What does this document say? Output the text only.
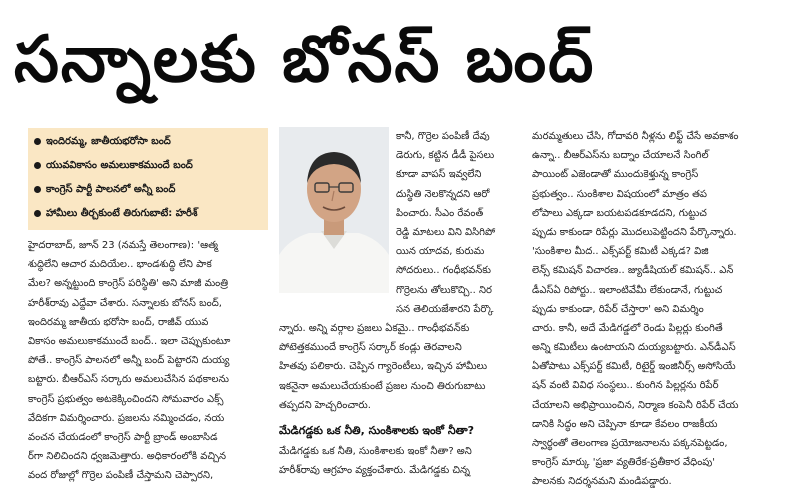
సన్నాలకు బోనస్ బంద్
ఇందిరమ్మ, జాతీయభరోసా బంద్
యువవికాసం అమలుకాకముందే బంద్
కాంగ్రెస్ పార్టీ పాలనలో అన్నీ బంద్
హామీలు తీర్చకుంటే తిరుగుబాటే: హరీశ్
హైదరాబాద్, జూన్ 23 (నమస్తే తెలంగాణ): 'ఆత్మ
శుద్ధిలేని ఆచార మదియేల.. భాండశుద్ధి లేని పాక
మేల? అన్నట్టుంది కాంగ్రెస్ పరిస్థితి' అని మాజీ మంత్రి
హరీశ్‌రావు ఎద్దేవా చేశారు. సన్నాలకు బోనస్ బంద్,
ఇందిరమ్మ జాతీయ భరోసా బంద్, రాజీవ్ యువ
వికాసం అమలుకాకముందే బంద్.. ఇలా చెప్పుకుంటూ
పోతే.. కాంగ్రెస్ పాలనలో అన్నీ బంద్ పెట్టారని దుయ్య
బట్టారు. బీఆర్‌ఎస్ సర్కారు అమలుచేసిన పథకాలను
కాంగ్రెస్ ప్రభుత్వం అటకెక్కించిందని సోమవారం ఎక్స్
వేదికగా విమర్శించారు. ప్రజలను నమ్మించడం, నయ
వంచన చేయడంలో కాంగ్రెస్ పార్టీ బ్రాండ్ అంబాసిడ
ర్‌గా నిలిచిందని ధ్వజమెత్తారు. అధికారంలోకి వచ్చిన
వంద రోజుల్లో గొర్రెల పంపిణీ చేస్తామని చెప్పారని,
కానీ, గొర్రెల పంపిణీ దేవు
డెరుగు, కట్టిన డీడీ పైసలు
కూడా వాపస్ ఇవ్వలేని
దుస్థితి నెలకొన్నదని ఆరో
పించారు. సీఎం రేవంత్
రెడ్డి మాటలు విని విసిగిపో
యిన యాదవ, కురుమ
సోదరులు.. గంధీభవన్‌కు
గొర్రెలను తోలుకొచ్చి.. నిర
సన తెలియజేశారని పేర్కొ
న్నారు. అన్ని వర్గాల ప్రజలు ఏకమై.. గాంధీభవన్‌కు
పోటెత్తకముందే కాంగ్రెస్ సర్కార్ కండ్లు తెరవాలని
హితవు పలికారు. చెప్పిన గ్యారెంటీలు, ఇచ్చిన హామీలు
ఇకనైనా అమలుచేయకుంటే ప్రజల నుంచి తిరుగుబాటు
తప్పదని హెచ్చరించారు.
మేడిగడ్డకు ఒక నీతి, సుంకిశాలకు ఇంకో నీతా?
మేడిగడ్డకు ఒక నీతి, సుంకిశాలకు ఇంకో నీతా? అని
హరీశ్‌రావు ఆగ్రహం వ్యక్తంచేశారు. మేడిగడ్డకు చిన్న
మరమ్మతులు చేసి, గోదావరి నీళ్లను లిఫ్ట్ చేసే అవకాశం
ఉన్నా.. బీఆర్‌ఎస్‌ను బద్నాం చేయాలనే సింగిల్
పాయింట్ ఎజెండాతో ముందుకెళ్తున్న కాంగ్రెస్
ప్రభుత్వం.. సుంకిశాల విషయంలో మాత్రం తప
లోపాలు ఎక్కడా బయటపడకూడదని, గుట్టుచ
ప్పుడు కాకుండా రిపేర్లు మొదలుపెట్టిందని పేర్కొన్నారు.
'సుంకిశాల మీద.. ఎక్స్‌పర్ట్ కమిటీ ఎక్కడ? విజి
లెన్స్ కమిషన్ విచారణ.. జ్యుడీషియల్ కమిషన్.. ఎన్
డీఎస్‌ఏ రిపోర్టు.. ఇలాంటివేమీ లేకుండానే, గుట్టుచ
ప్పుడు కాకుండా, రిపేర్ చేస్తారా' అని విమర్శిం
చారు. కానీ, అదే మేడిగడ్డలో రెండు పిల్లర్లు కుంగితే
అన్ని కమిటీలు ఉంటాయని దుయ్యబట్టారు. ఎన్‌డీఎస్‌
ఏతోపాటు ఎక్స్‌పర్ట్ కమిటీ, రిటైర్డ్ ఇంజినీర్స్ అసోసియే
షన్ వంటి వివిధ సంస్థలు.. కుంగిన పిల్లర్లను రిపేర్
చేయాలని అభిప్రాయించిన, నిర్మాణ కంపెనీ రిపేర్ చేయ
డానికి సిద్ధం అని చెప్పినా కూడా కేవలం రాజకీయ
స్వార్థంతో తెలంగాణ ప్రయోజనాలను పక్కనపెట్టడం,
కాంగ్రెస్ మార్కు 'ప్రజా వ్యతిరేక-ప్రతీకార వేధింపు'
పాలనకు నిదర్శనమని మండిపడ్డారు.
